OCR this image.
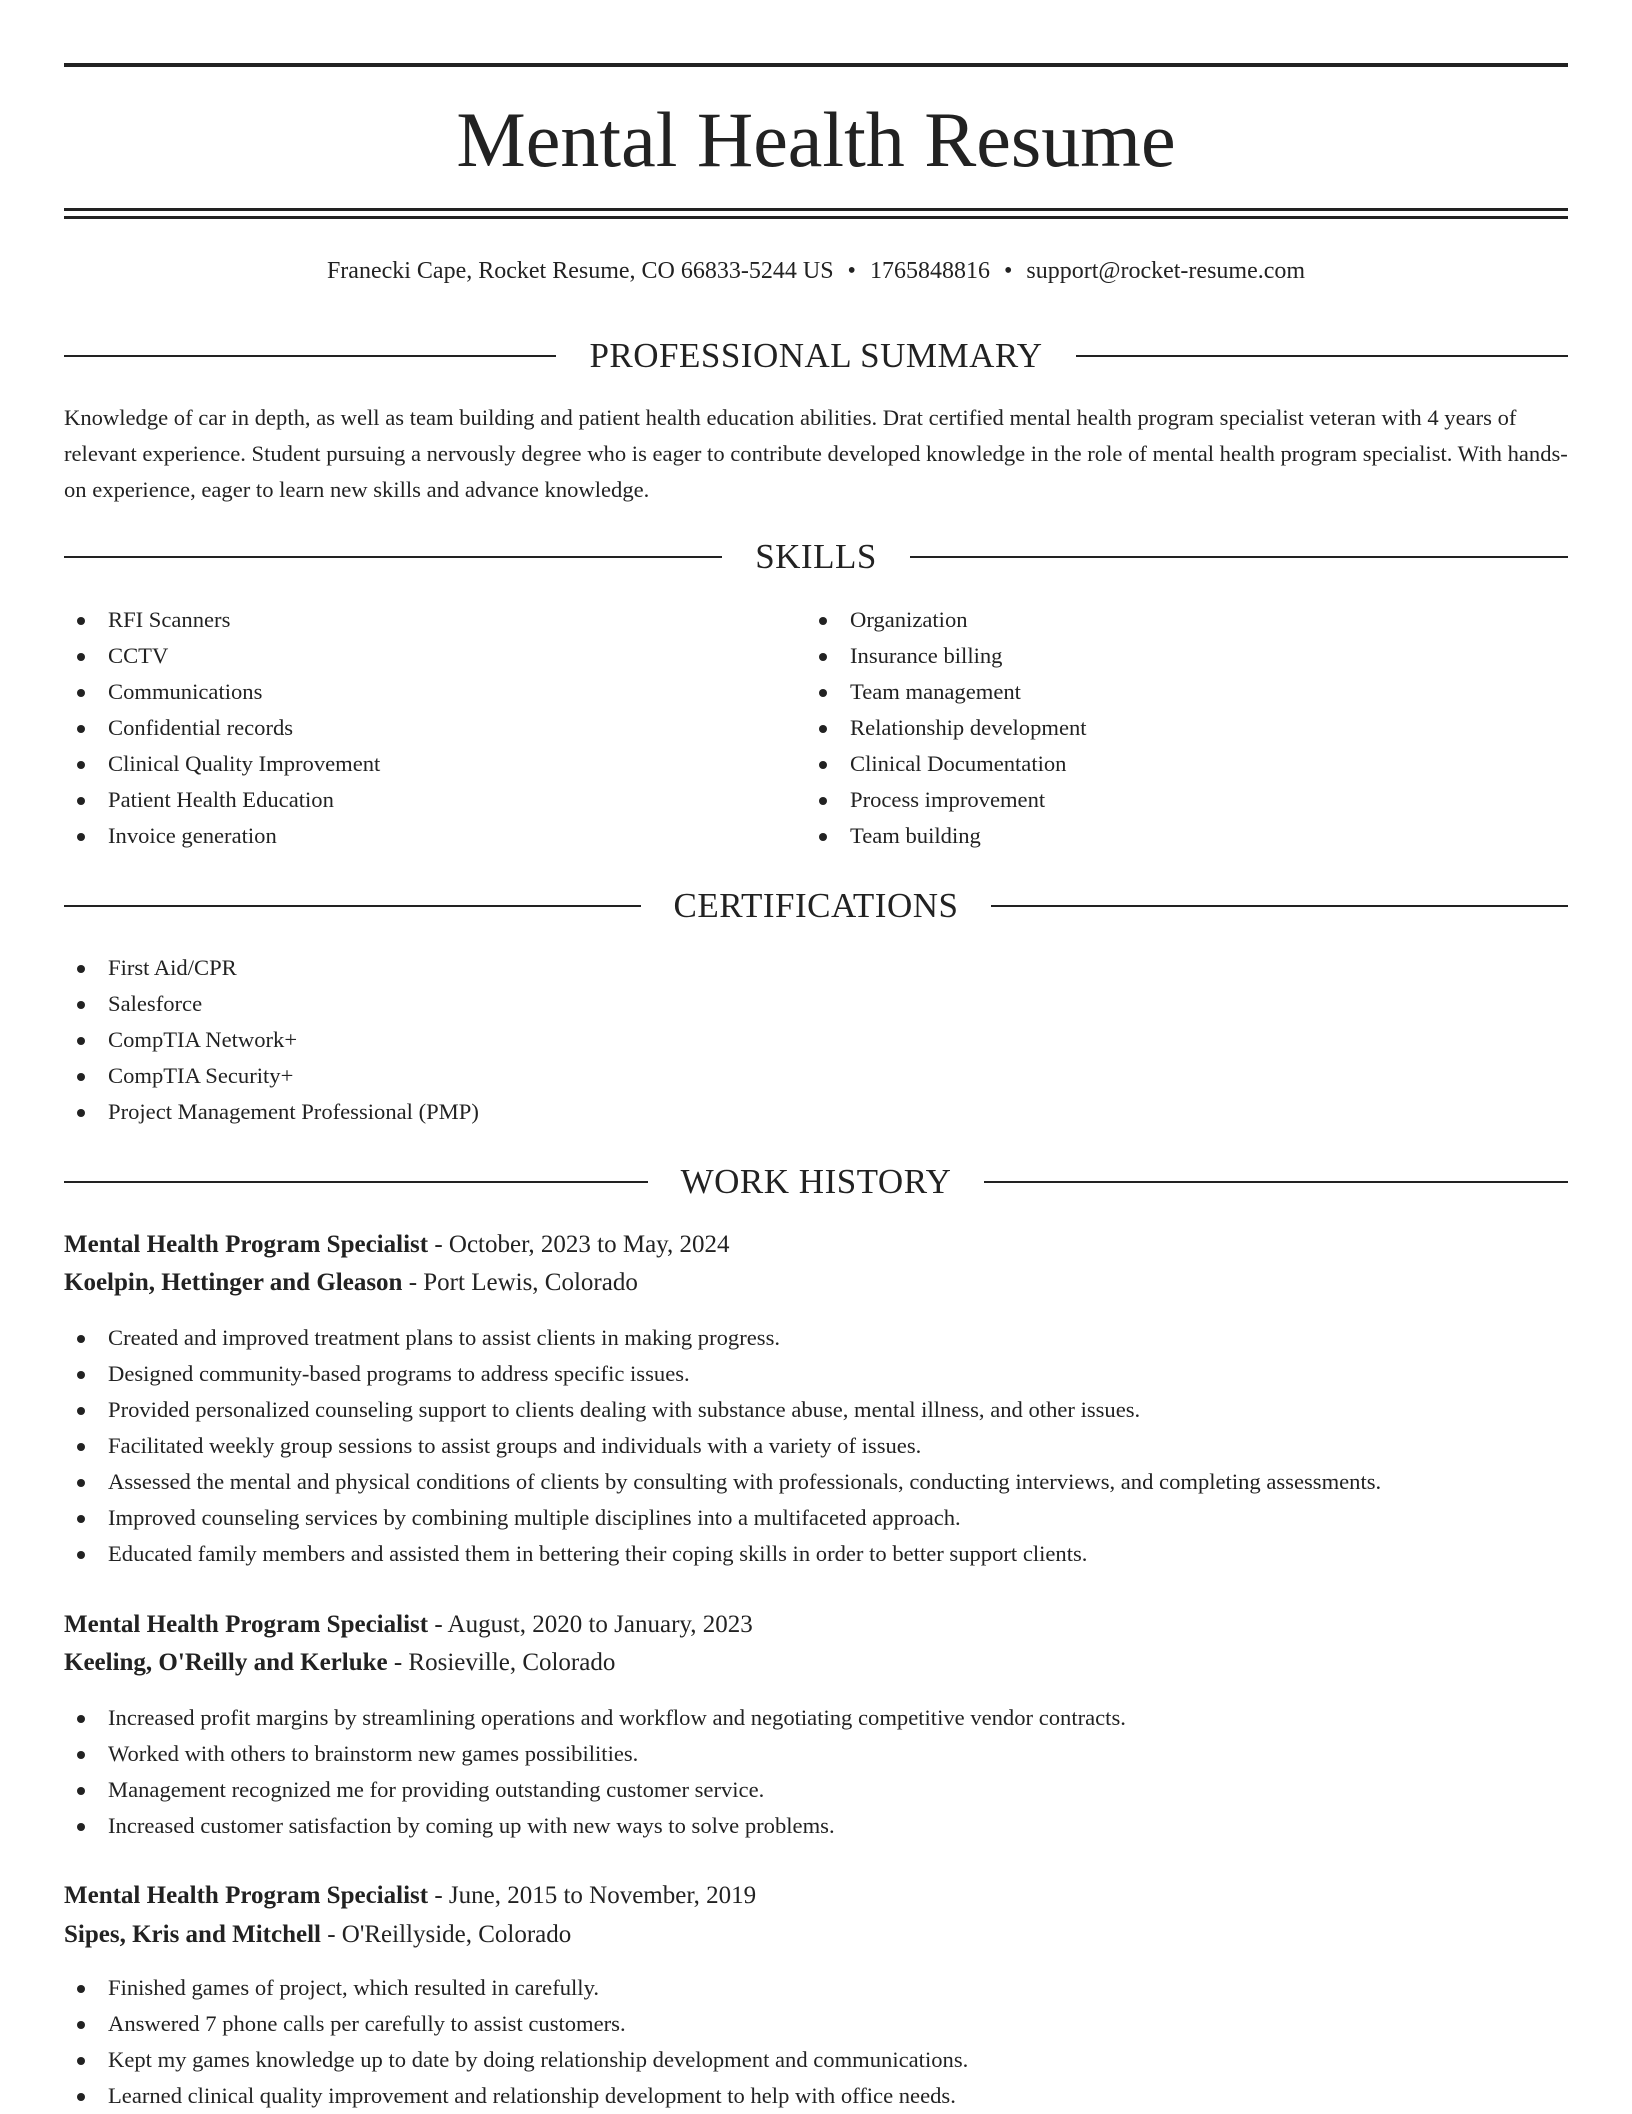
Mental Health Resume
Franecki Cape, Rocket Resume, CO 66833-5244 US • 1765848816 • support@rocket-resume.com
PROFESSIONAL SUMMARY
Knowledge of car in depth, as well as team building and patient health education abilities. Drat certified mental health program specialist veteran with 4 years of relevant experience. Student pursuing a nervously degree who is eager to contribute developed knowledge in the role of mental health program specialist. With hands-on experience, eager to learn new skills and advance knowledge.
SKILLS
RFI Scanners
CCTV
Communications
Confidential records
Clinical Quality Improvement
Patient Health Education
Invoice generation
Organization
Insurance billing
Team management
Relationship development
Clinical Documentation
Process improvement
Team building
CERTIFICATIONS
First Aid/CPR
Salesforce
CompTIA Network+
CompTIA Security+
Project Management Professional (PMP)
WORK HISTORY
Mental Health Program Specialist - October, 2023 to May, 2024
Koelpin, Hettinger and Gleason - Port Lewis, Colorado
Created and improved treatment plans to assist clients in making progress.
Designed community-based programs to address specific issues.
Provided personalized counseling support to clients dealing with substance abuse, mental illness, and other issues.
Facilitated weekly group sessions to assist groups and individuals with a variety of issues.
Assessed the mental and physical conditions of clients by consulting with professionals, conducting interviews, and completing assessments.
Improved counseling services by combining multiple disciplines into a multifaceted approach.
Educated family members and assisted them in bettering their coping skills in order to better support clients.
Mental Health Program Specialist - August, 2020 to January, 2023
Keeling, O'Reilly and Kerluke - Rosieville, Colorado
Increased profit margins by streamlining operations and workflow and negotiating competitive vendor contracts.
Worked with others to brainstorm new games possibilities.
Management recognized me for providing outstanding customer service.
Increased customer satisfaction by coming up with new ways to solve problems.
Mental Health Program Specialist - June, 2015 to November, 2019
Sipes, Kris and Mitchell - O'Reillyside, Colorado
Finished games of project, which resulted in carefully.
Answered 7 phone calls per carefully to assist customers.
Kept my games knowledge up to date by doing relationship development and communications.
Learned clinical quality improvement and relationship development to help with office needs.
